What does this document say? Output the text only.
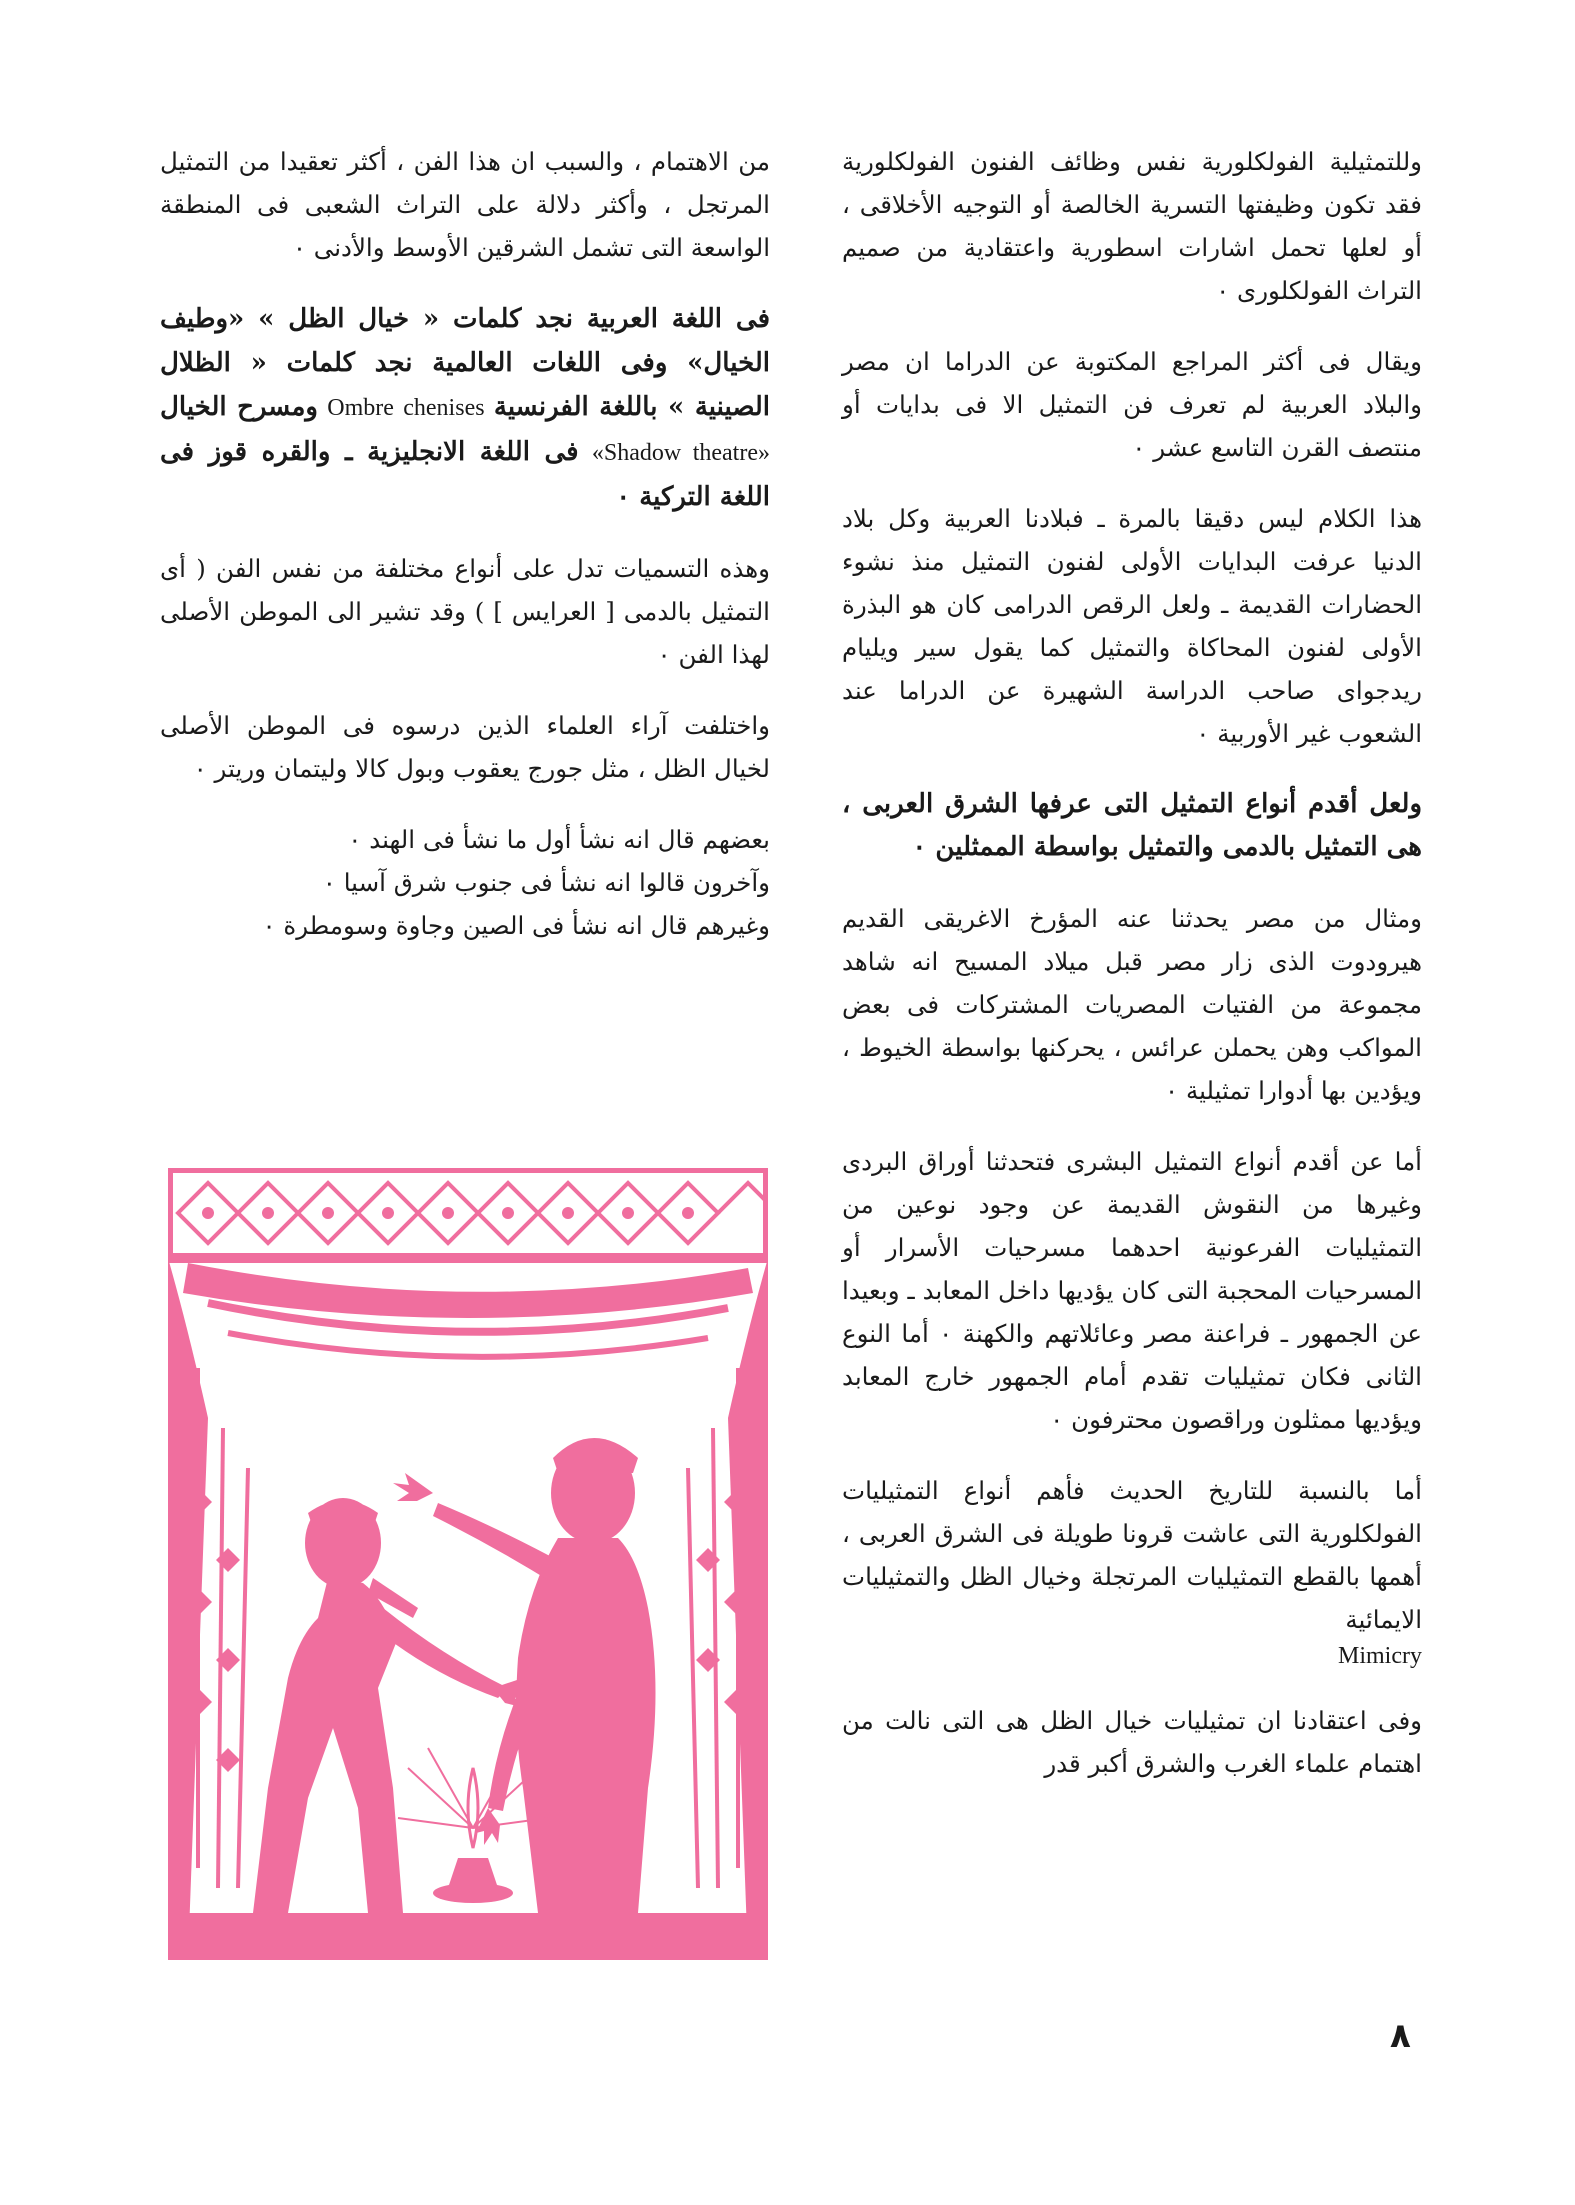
وللتمثيلية الفولكلورية نفس وظائف الفنون الفولكلورية فقد تكون وظيفتها التسرية الخالصة أو التوجيه الأخلاقى ، أو لعلها تحمل اشارات اسطورية واعتقادية من صميم التراث الفولكلورى ٠

ويقال فى أكثر المراجع المكتوبة عن الدراما ان مصر والبلاد العربية لم تعرف فن التمثيل الا فى بدايات أو منتصف القرن التاسع عشر ٠

هذا الكلام ليس دقيقا بالمرة ـ فبلادنا العربية وكل بلاد الدنيا عرفت البدايات الأولى لفنون التمثيل منذ نشوء الحضارات القديمة ـ ولعل الرقص الدرامى كان هو البذرة الأولى لفنون المحاكاة والتمثيل كما يقول سير ويليام ريدجواى صاحب الدراسة الشهيرة عن الدراما عند الشعوب غير الأوربية ٠

ولعل أقدم أنواع التمثيل التى عرفها الشرق العربى ، هى التمثيل بالدمى والتمثيل بواسطة الممثلين ٠

ومثال من مصر يحدثنا عنه المؤرخ الاغريقى القديم هيرودوت الذى زار مصر قبل ميلاد المسيح انه شاهد مجموعة من الفتيات المصريات المشتركات فى بعض المواكب وهن يحملن عرائس ، يحركنها بواسطة الخيوط ، ويؤدين بها أدوارا تمثيلية ٠

أما عن أقدم أنواع التمثيل البشرى فتحدثنا أوراق البردى وغيرها من النقوش القديمة عن وجود نوعين من التمثيليات الفرعونية احدهما مسرحيات الأسرار أو المسرحيات المحجبة التى كان يؤديها داخل المعابد ـ وبعيدا عن الجمهور ـ فراعنة مصر وعائلاتهم والكهنة ٠ أما النوع الثانى فكان تمثيليات تقدم أمام الجمهور خارج المعابد ويؤديها ممثلون وراقصون محترفون ٠

أما بالنسبة للتاريخ الحديث فأهم أنواع التمثيليات الفولكلورية التى عاشت قرونا طويلة فى الشرق العربى ، أهمها بالقطع التمثيليات المرتجلة وخيال الظل والتمثيليات الايمائية

Mimicry

وفى اعتقادنا ان تمثيليات خيال الظل هى التى نالت من اهتمام علماء الغرب والشرق أكبر قدر

من الاهتمام ، والسبب ان هذا الفن ، أكثر تعقيدا من التمثيل المرتجل ، وأكثر دلالة على التراث الشعبى فى المنطقة الواسعة التى تشمل الشرقين الأوسط والأدنى ٠

فى اللغة العربية نجد كلمات « خيال الظل » «وطيف الخيال» وفى اللغات العالمية نجد كلمات « الظلال الصينية » باللغة الفرنسية Ombre chenises ومسرح الخيال «Shadow theatre» فى اللغة الانجليزية ـ والقره قوز فى اللغة التركية ٠

وهذه التسميات تدل على أنواع مختلفة من نفس الفن ( أى التمثيل بالدمى [ العرايس ] ) وقد تشير الى الموطن الأصلى لهذا الفن ٠

واختلفت آراء العلماء الذين درسوه فى الموطن الأصلى لخيال الظل ، مثل جورج يعقوب وبول كالا وليتمان وريتر ٠

بعضهم قال انه نشأ أول ما نشأ فى الهند ٠
وآخرون قالوا انه نشأ فى جنوب شرق آسيا ٠
وغيرهم قال انه نشأ فى الصين وجاوة وسومطرة ٠
٨
